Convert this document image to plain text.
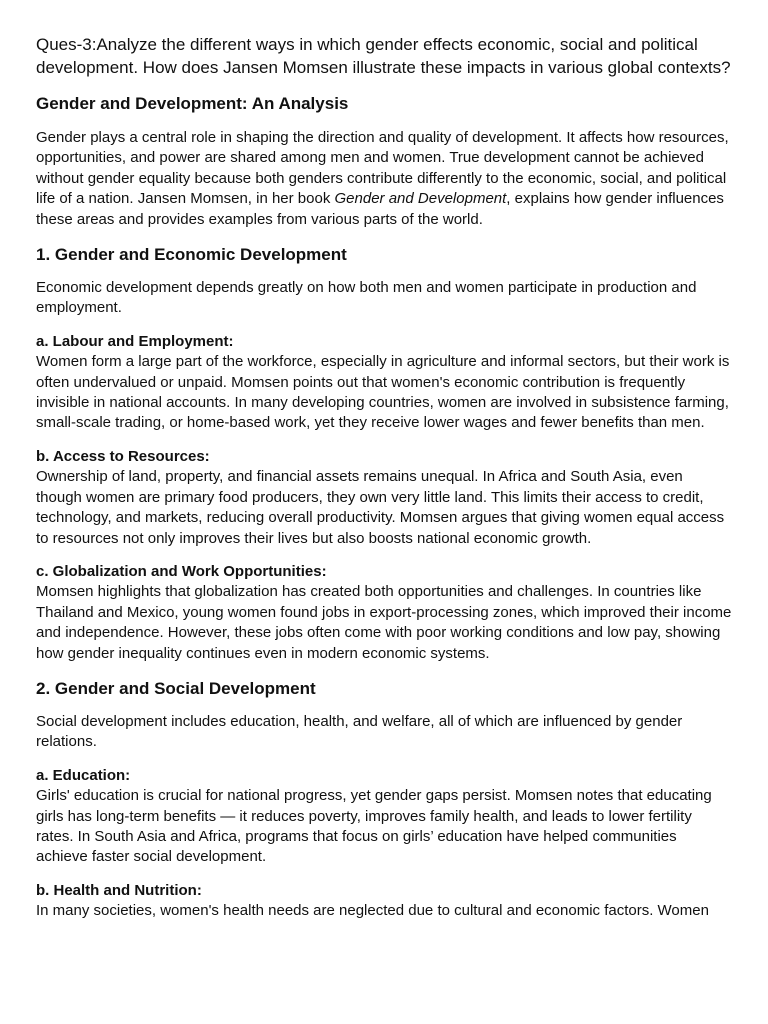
Ques-3:Analyze the different ways in which gender effects economic, social and political development. How does Jansen Momsen illustrate these impacts in various global contexts?

Gender and Development: An Analysis

Gender plays a central role in shaping the direction and quality of development. It affects how resources, opportunities, and power are shared among men and women. True development cannot be achieved without gender equality because both genders contribute differently to the economic, social, and political life of a nation. Jansen Momsen, in her book Gender and Development, explains how gender influences these areas and provides examples from various parts of the world.

1. Gender and Economic Development

Economic development depends greatly on how both men and women participate in production and employment.

a. Labour and Employment:
Women form a large part of the workforce, especially in agriculture and informal sectors, but their work is often undervalued or unpaid. Momsen points out that women's economic contribution is frequently invisible in national accounts. In many developing countries, women are involved in subsistence farming, small-scale trading, or home-based work, yet they receive lower wages and fewer benefits than men.
b. Access to Resources:
Ownership of land, property, and financial assets remains unequal. In Africa and South Asia, even though women are primary food producers, they own very little land. This limits their access to credit, technology, and markets, reducing overall productivity. Momsen argues that giving women equal access to resources not only improves their lives but also boosts national economic growth.
c. Globalization and Work Opportunities:
Momsen highlights that globalization has created both opportunities and challenges. In countries like Thailand and Mexico, young women found jobs in export-processing zones, which improved their income and independence. However, these jobs often come with poor working conditions and low pay, showing how gender inequality continues even in modern economic systems.
2. Gender and Social Development

Social development includes education, health, and welfare, all of which are influenced by gender relations.

a. Education:
Girls' education is crucial for national progress, yet gender gaps persist. Momsen notes that educating girls has long-term benefits — it reduces poverty, improves family health, and leads to lower fertility rates. In South Asia and Africa, programs that focus on girls’ education have helped communities achieve faster social development.
b. Health and Nutrition:
In many societies, women's health needs are neglected due to cultural and economic factors. Women
